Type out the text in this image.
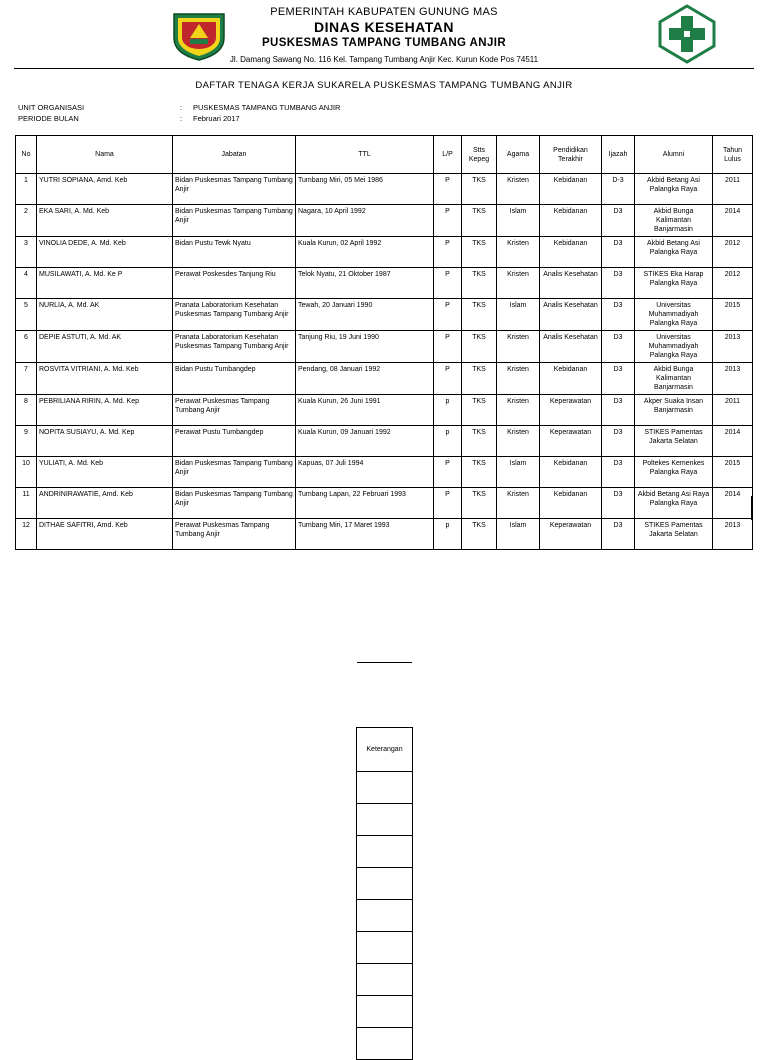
PEMERINTAH KABUPATEN GUNUNG MAS
DINAS KESEHATAN
PUSKESMAS TAMPANG TUMBANG ANJIR
Jl. Damang Sawang No. 116 Kel. Tampang Tumbang Anjir Kec. Kurun Kode Pos 74511
DAFTAR TENAGA KERJA SUKARELA PUSKESMAS TAMPANG TUMBANG ANJIR
UNIT ORGANISASI	: PUSKESMAS TAMPANG TUMBANG ANJIR
PERIODE BULAN	: Februari 2017
No	Nama	Jabatan	TTL	L/P	Stts Kepeg	Agama	Pendidikan Terakhir	Ijazah	Alumni	Tahun Lulus
1	YUTRI SOPIANA, Amd. Keb	Bidan Puskesmas Tampang Tumbang Anjir	Tumbang Miri, 05 Mei 1986	P	TKS	Kristen	Kebidanan	D-3	Akbid Betang Asi Palangka Raya	2011
2	EKA SARI, A. Md. Keb	Bidan Puskesmas Tampang Tumbang Anjir	Nagara, 10 April 1992	P	TKS	Islam	Kebidanan	D3	Akbid Bunga Kalimantan Banjarmasin	2014
3	VINOLIA DEDE, A. Md. Keb	Bidan Pustu Tewk Nyatu	Kuala Kurun, 02 April 1992	P	TKS	Kristen	Kebidanan	D3	Akbid Betang Asi Palangka Raya	2012
4	MUSILAWATI, A. Md. Ke P	Perawat Poskesdes Tanjung Riu	Telok Nyatu, 21 Oktober 1987	P	TKS	Kristen	Analis Kesehatan	D3	STIKES Eka Harap Palangka Raya	2012
5	NURLIA, A. Md. AK	Pranata Laboratorium Kesehatan Puskesmas Tampang Tumbang Anjir	Tewah, 20 Januari 1990	P	TKS	Islam	Analis Kesehatan	D3	Universitas Muhammadiyah Palangka Raya	2015
6	DEPIE ASTUTI, A. Md. AK	Pranata Laboratorium Kesehatan Puskesmas Tampang Tumbang Anjir	Tanjung Riu, 19 Juni 1990	P	TKS	Kristen	Analis Kesehatan	D3	Universitas Muhammadiyah Palangka Raya	2013
7	ROSVITA VITRIANI, A. Md. Keb	Bidan Pustu Tumbangdep	Pendang, 08 Januari 1992	P	TKS	Kristen	Kebidanan	D3	Akbid Bunga Kalimantan Banjarmasin	2013
8	PEBRILIANA RIRIN, A. Md. Kep	Perawat Puskesmas Tampang Tumbang Anjir	Kuala Kurun, 26 Juni 1991	p	TKS	Kristen	Keperawatan	D3	Akper Suaka Insan Banjarmasin	2011
9	NOPITA SUSIAYU, A. Md. Kep	Perawat Pustu Tumbangdep	Kuala Kurun, 09 Januari 1992	p	TKS	Kristen	Keperawatan	D3	STIKES Pamentas Jakarta Selatan	2014
10	YULIATI, A. Md. Keb	Bidan Puskesmas Tampang Tumbang Anjir	Kapuas, 07 Juli 1994	P	TKS	Islam	Kebidanan	D3	Poltekes Kemenkes Palangka Raya	2015
11	ANDRINIRAWATIE, Amd. Keb	Bidan Puskesmas Tampang Tumbang Anjir	Tumbang Lapan, 22 Februari 1993	P	TKS	Kristen	Kebidanan	D3	Akbid Betang Asi Raya Palangka Raya	2014
12	DITHAE SAFITRI, Amd. Keb	Perawat Puskesmas Tampang Tumbang Anjir	Tumbang Miri, 17 Maret 1993	p	TKS	Islam	Keperawatan	D3	STIKES Pamentas Jakarta Selatan	2013
Keterangan
